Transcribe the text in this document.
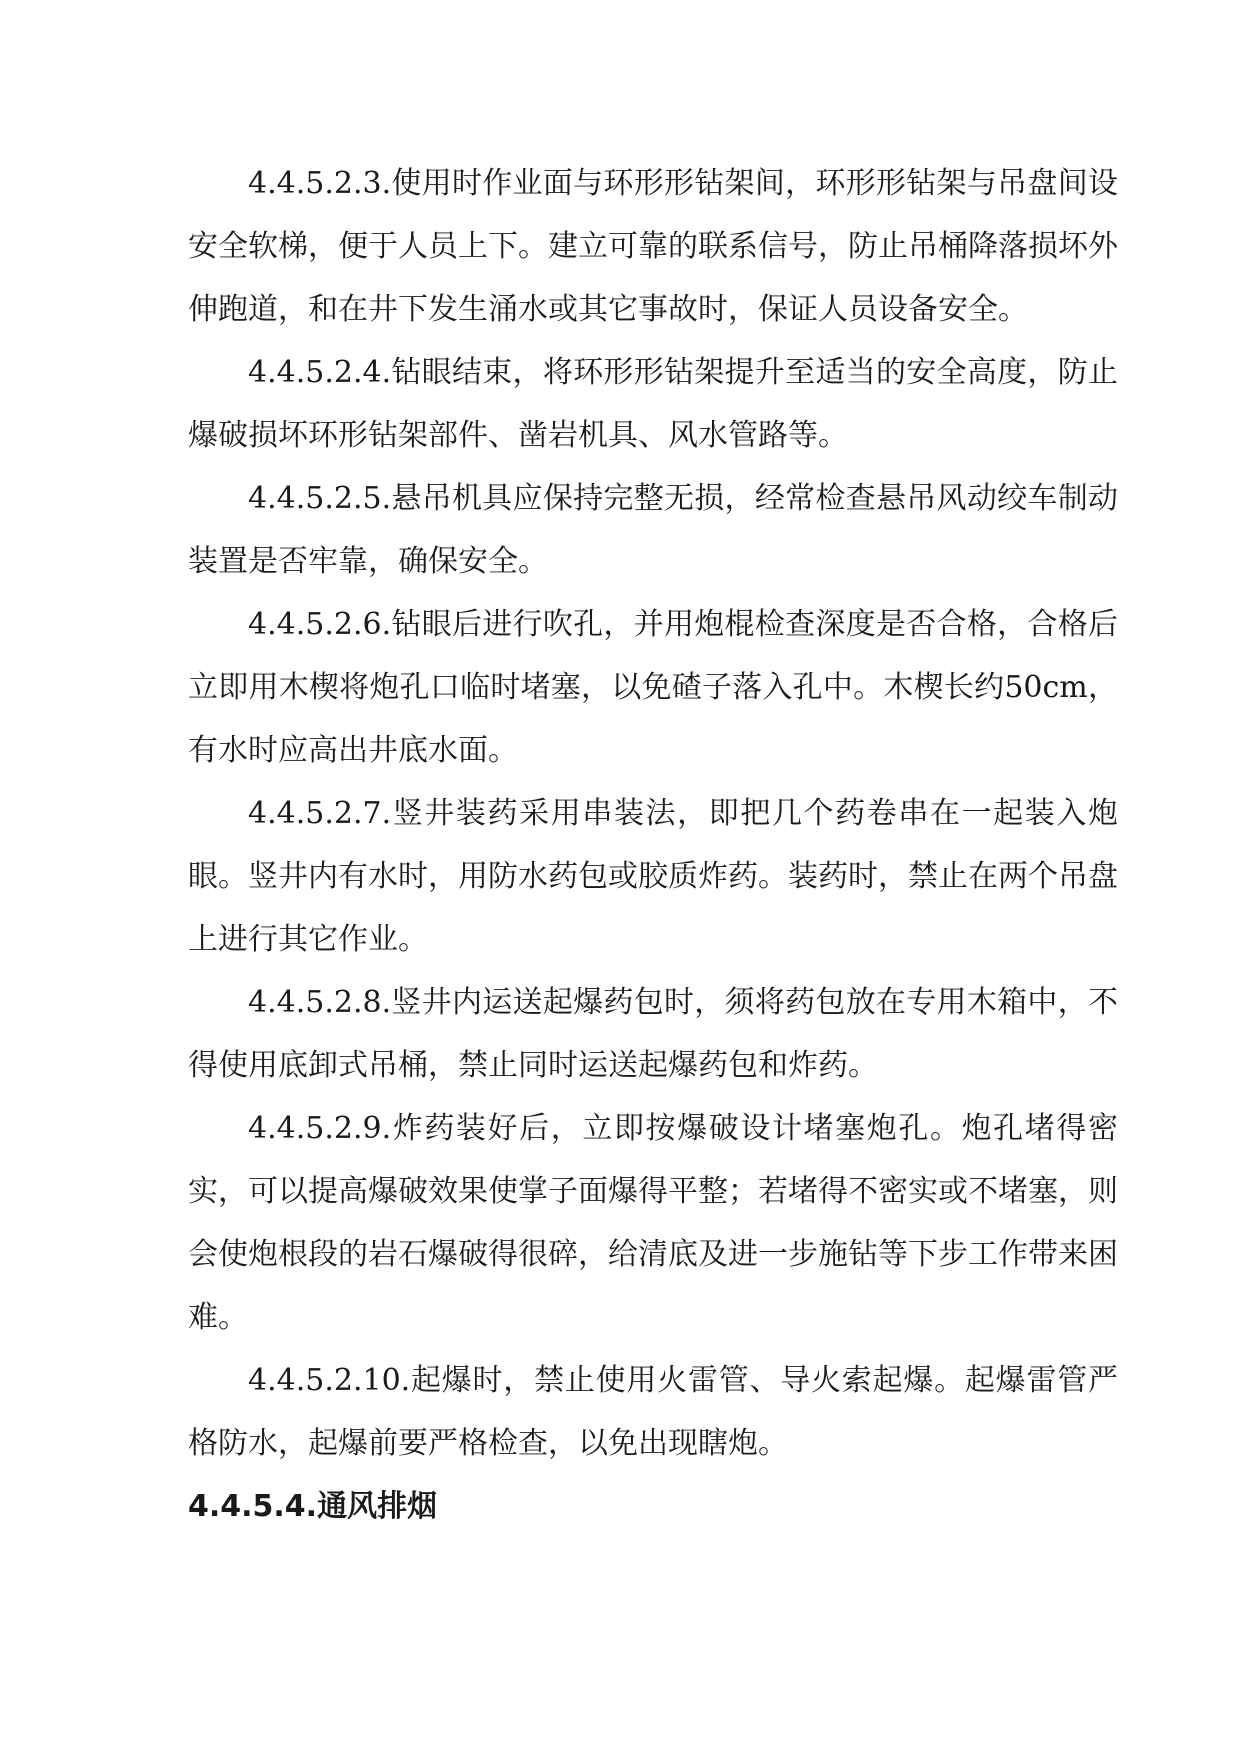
4.4.5.2.3.使用时作业面与环形形钻架间，环形形钻架与吊盘间设安全软梯，便于人员上下。建立可靠的联系信号，防止吊桶降落损坏外伸跑道，和在井下发生涌水或其它事故时，保证人员设备安全。

4.4.5.2.4.钻眼结束，将环形形钻架提升至适当的安全高度，防止爆破损坏环形钻架部件、凿岩机具、风水管路等。

4.4.5.2.5.悬吊机具应保持完整无损，经常检查悬吊风动绞车制动装置是否牢靠，确保安全。

4.4.5.2.6.钻眼后进行吹孔，并用炮棍检查深度是否合格，合格后立即用木楔将炮孔口临时堵塞，以免碴子落入孔中。木楔长约50cm，有水时应高出井底水面。

4.4.5.2.7.竖井装药采用串装法，即把几个药卷串在一起装入炮眼。竖井内有水时，用防水药包或胶质炸药。装药时，禁止在两个吊盘上进行其它作业。

4.4.5.2.8.竖井内运送起爆药包时，须将药包放在专用木箱中，不得使用底卸式吊桶，禁止同时运送起爆药包和炸药。

4.4.5.2.9.炸药装好后，立即按爆破设计堵塞炮孔。炮孔堵得密实，可以提高爆破效果使掌子面爆得平整；若堵得不密实或不堵塞，则会使炮根段的岩石爆破得很碎，给清底及进一步施钻等下步工作带来困难。

4.4.5.2.10.起爆时，禁止使用火雷管、导火索起爆。起爆雷管严格防水，起爆前要严格检查，以免出现瞎炮。

4.4.5.4.通风排烟
